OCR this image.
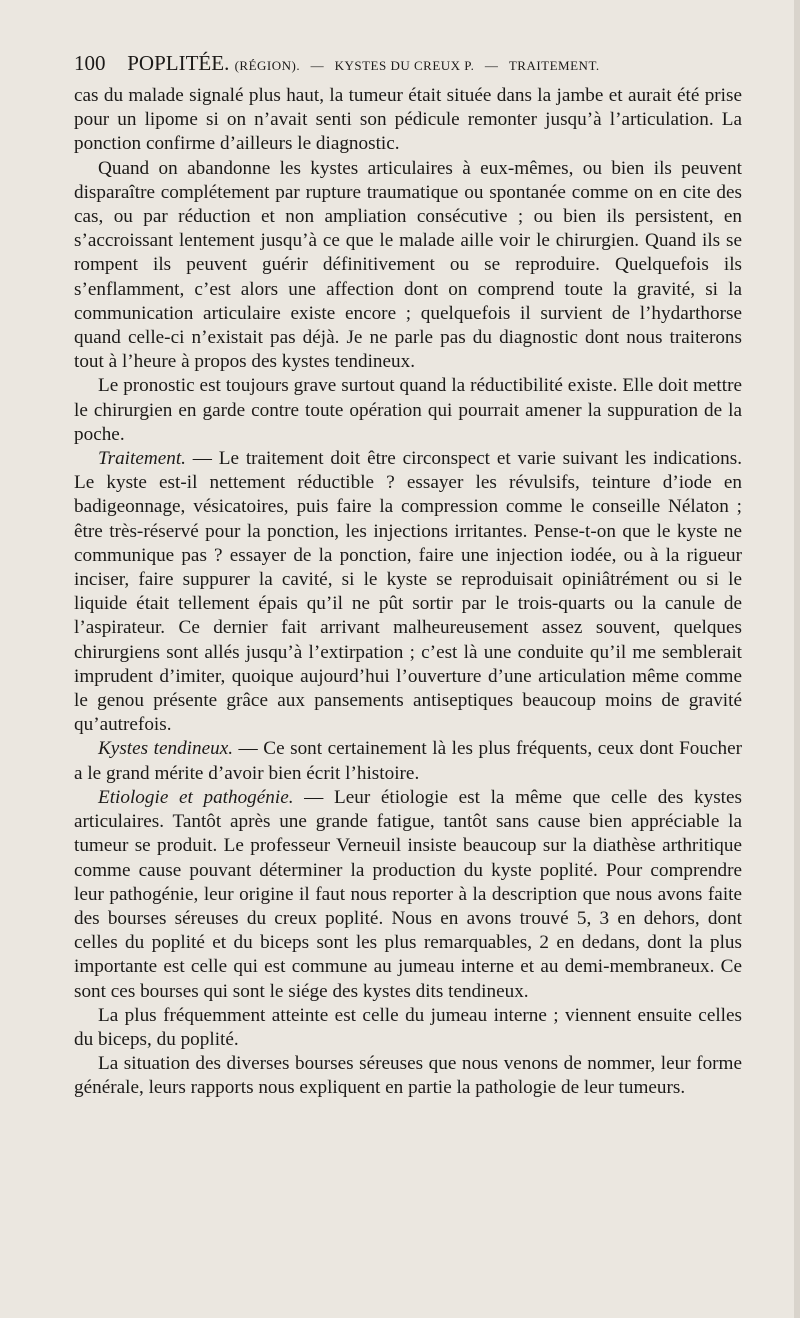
100 POPLITÉE. (RÉGION). — KYSTES DU CREUX P. — TRAITEMENT.

cas du malade signalé plus haut, la tumeur était située dans la jambe et aurait été prise pour un lipome si on n’avait senti son pédicule remonter jusqu’à l’articulation. La ponction confirme d’ailleurs le diagnostic.

Quand on abandonne les kystes articulaires à eux-mêmes, ou bien ils peuvent disparaître complétement par rupture traumatique ou spontanée comme on en cite des cas, ou par réduction et non ampliation consécutive ; ou bien ils persistent, en s’accroissant lentement jusqu’à ce que le malade aille voir le chirurgien. Quand ils se rompent ils peuvent guérir définitivement ou se reproduire. Quelquefois ils s’enflamment, c’est alors une affection dont on comprend toute la gravité, si la communication articulaire existe encore ; quelquefois il survient de l’hydarthorse quand celle-ci n’existait pas déjà. Je ne parle pas du diagnostic dont nous traiterons tout à l’heure à propos des kystes tendineux.

Le pronostic est toujours grave surtout quand la réductibilité existe. Elle doit mettre le chirurgien en garde contre toute opération qui pourrait amener la suppuration de la poche.

Traitement. — Le traitement doit être circonspect et varie suivant les indications. Le kyste est-il nettement réductible ? essayer les révulsifs, teinture d’iode en badigeonnage, vésicatoires, puis faire la compression comme le conseille Nélaton ; être très-réservé pour la ponction, les injections irritantes. Pense-t-on que le kyste ne communique pas ? essayer de la ponction, faire une injection iodée, ou à la rigueur inciser, faire suppurer la cavité, si le kyste se reproduisait opiniâtrément ou si le liquide était tellement épais qu’il ne pût sortir par le trois-quarts ou la canule de l’aspirateur. Ce dernier fait arrivant malheureusement assez souvent, quelques chirurgiens sont allés jusqu’à l’extirpation ; c’est là une conduite qu’il me semblerait imprudent d’imiter, quoique aujourd’hui l’ouverture d’une articulation même comme le genou présente grâce aux pansements antiseptiques beaucoup moins de gravité qu’autrefois.

Kystes tendineux. — Ce sont certainement là les plus fréquents, ceux dont Foucher a le grand mérite d’avoir bien écrit l’histoire.

Etiologie et pathogénie. — Leur étiologie est la même que celle des kystes articulaires. Tantôt après une grande fatigue, tantôt sans cause bien appréciable la tumeur se produit. Le professeur Verneuil insiste beaucoup sur la diathèse arthritique comme cause pouvant déterminer la production du kyste poplité. Pour comprendre leur pathogénie, leur origine il faut nous reporter à la description que nous avons faite des bourses séreuses du creux poplité. Nous en avons trouvé 5, 3 en dehors, dont celles du poplité et du biceps sont les plus remarquables, 2 en dedans, dont la plus importante est celle qui est commune au jumeau interne et au demi-membraneux. Ce sont ces bourses qui sont le siége des kystes dits tendineux.

La plus fréquemment atteinte est celle du jumeau interne ; viennent ensuite celles du biceps, du poplité.

La situation des diverses bourses séreuses que nous venons de nommer, leur forme générale, leurs rapports nous expliquent en partie la pathologie de leur tumeurs.
